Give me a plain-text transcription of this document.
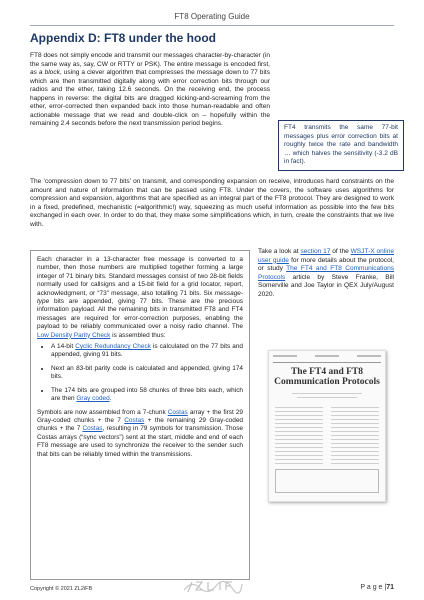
FT8 Operating Guide
Appendix D: FT8 under the hood
FT8 does not simply encode and transmit our messages character-by-character (in the same way as, say, CW or RTTY or PSK). The entire message is encoded first, as a block, using a clever algorithm that compresses the message down to 77 bits which are then transmitted digitally along with error correction bits through our radios and the ether, taking 12.6 seconds. On the receiving end, the process happens in reverse: the digital bits are dragged kicking-and-screaming from the ether, error-corrected then expanded back into those human-readable and often actionable message that we read and double-click on – hopefully within the remaining 2.4 seconds before the next transmission period begins.
FT4 transmits the same 77-bit messages plus error correction bits at roughly twice the rate and bandwidth … which halves the sensitivity (-3.2 dB in fact).
The ‘compression down to 77 bits’ on transmit, and corresponding expansion on receive, introduces hard constraints on the amount and nature of information that can be passed using FT8. Under the covers, the software uses algorithms for compression and expansion, algorithms that are specified as an integral part of the FT8 protocol. They are designed to work in a fixed, predefined, mechanistic (=algorithmic!) way, squeezing as much useful information as possible into the few bits exchanged in each over. In order to do that, they make some simplifications which, in turn, create the constraints that we live with.

Each character in a 13-character free message is converted to a number, then those numbers are multiplied together forming a large integer of 71 binary bits. Standard messages consist of two 28-bit fields normally used for callsigns and a 15-bit field for a grid locator, report, acknowledgment, or “73” message, also totalling 71 bits. Six message-type bits are appended, giving 77 bits. These are the precious information payload. All the remaining bits in transmitted FT8 and FT4 messages are required for error-correction purposes, enabling the payload to be reliably communicated over a noisy radio channel. The Low Density Parity Check is assembled thus:

• A 14-bit Cyclic Redundancy Check is calculated on the 77 bits and appended, giving 91 bits.
• Next an 83-bit parity code is calculated and appended, giving 174 bits.
• The 174 bits are grouped into 58 chunks of three bits each, which are then Gray coded.

Symbols are now assembled from a 7-chunk Costas array + the first 29 Gray-coded chunks + the 7 Costas + the remaining 29 Gray-coded chunks + the 7 Costas, resulting in 79 symbols for transmission. Those Costas arrays (“sync vectors”) sent at the start, middle and end of each FT8 message are used to synchronize the receiver to the sender such that bits can be reliably timed within the transmissions.

Take a look at section 17 of the WSJT-X online user guide for more details about the protocol, or study The FT4 and FT8 Communications Protocols article by Steve Franke, Bill Somerville and Joe Taylor in QEX July/August 2020.
The FT4 and FT8 Communication Protocols
Copyright © 2021 ZL2iFB	P a g e |71
